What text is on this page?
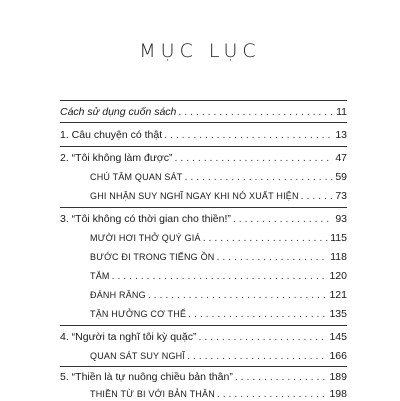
MỤC LỤC
Cách sử dụng cuốn sách . . .	11
1. Câu chuyện có thật . . .	13
2. “Tôi không làm được” . . .	47
CHÚ TÂM QUAN SÁT . . .	59
GHI NHẬN SUY NGHĨ NGAY KHI NÓ XUẤT HIỆN . . .	73
3. “Tôi không có thời gian cho thiền!” . . .	93
MƯỜI HƠI THỞ QUÝ GIÁ . . .	115
BƯỚC ĐI TRONG TIẾNG ỒN . . .	118
TẮM . . .	120
ĐÁNH RĂNG . . .	121
TẬN HƯỞNG CƠ THỂ . . .	135
4. “Người ta nghĩ tôi kỳ quặc” . . .	145
QUAN SÁT SUY NGHĨ . . .	166
5. “Thiền là tự nuông chiều bản thân” . . .	189
THIỀN TỪ BI VỚI BẢN THÂN . . .	198
